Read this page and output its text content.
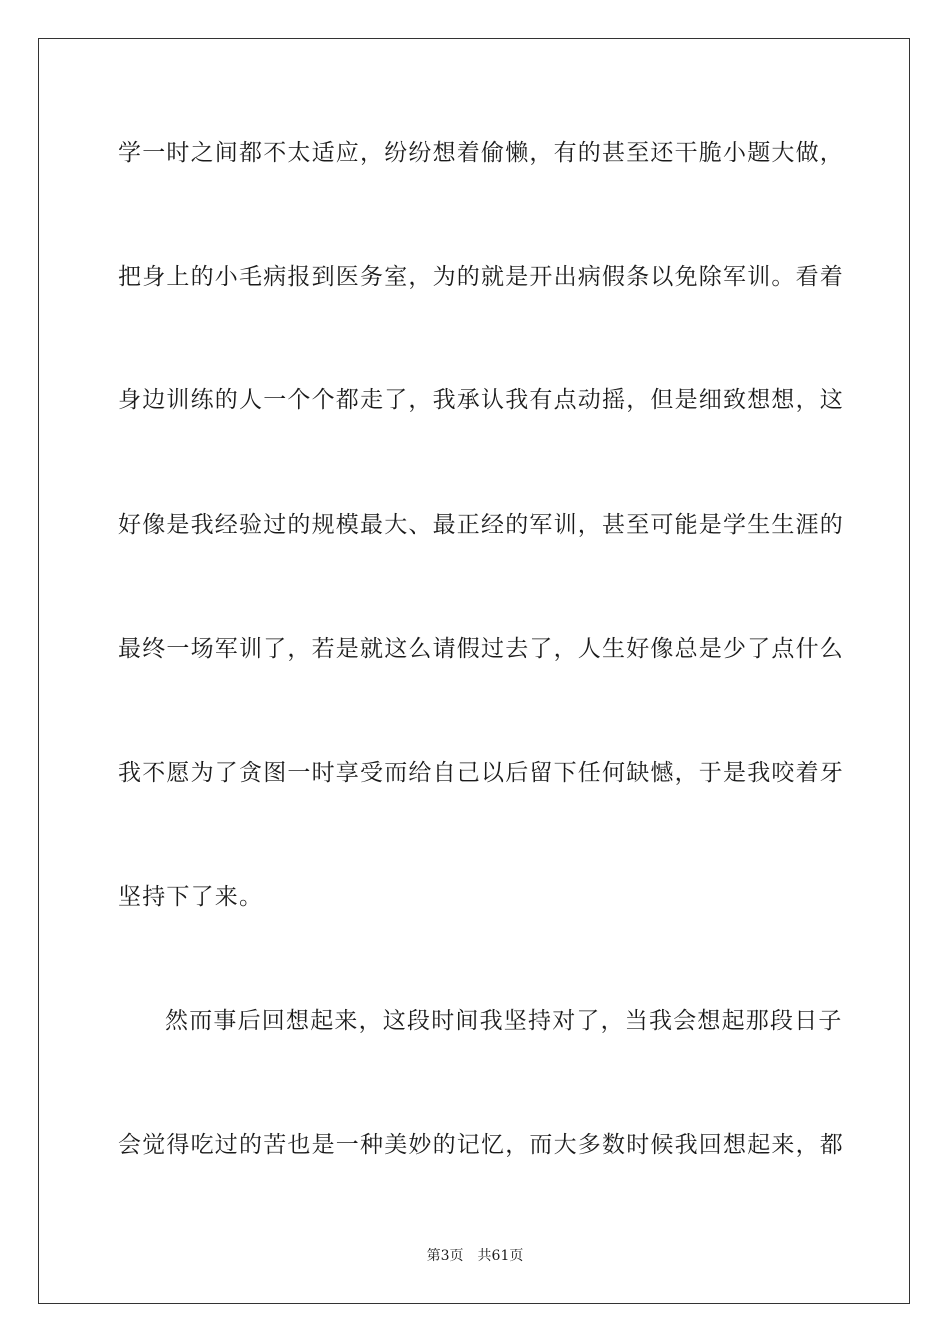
学一时之间都不太适应，纷纷想着偷懒，有的甚至还干脆小题大做，
把身上的小毛病报到医务室，为的就是开出病假条以免除军训。看着
身边训练的人一个个都走了，我承认我有点动摇，但是细致想想，这
好像是我经验过的规模最大、最正经的军训，甚至可能是学生生涯的
最终一场军训了，若是就这么请假过去了，人生好像总是少了点什么
我不愿为了贪图一时享受而给自己以后留下任何缺憾，于是我咬着牙
坚持下了来。
然而事后回想起来，这段时间我坚持对了，当我会想起那段日子
会觉得吃过的苦也是一种美妙的记忆，而大多数时候我回想起来，都
第3页 共61页
